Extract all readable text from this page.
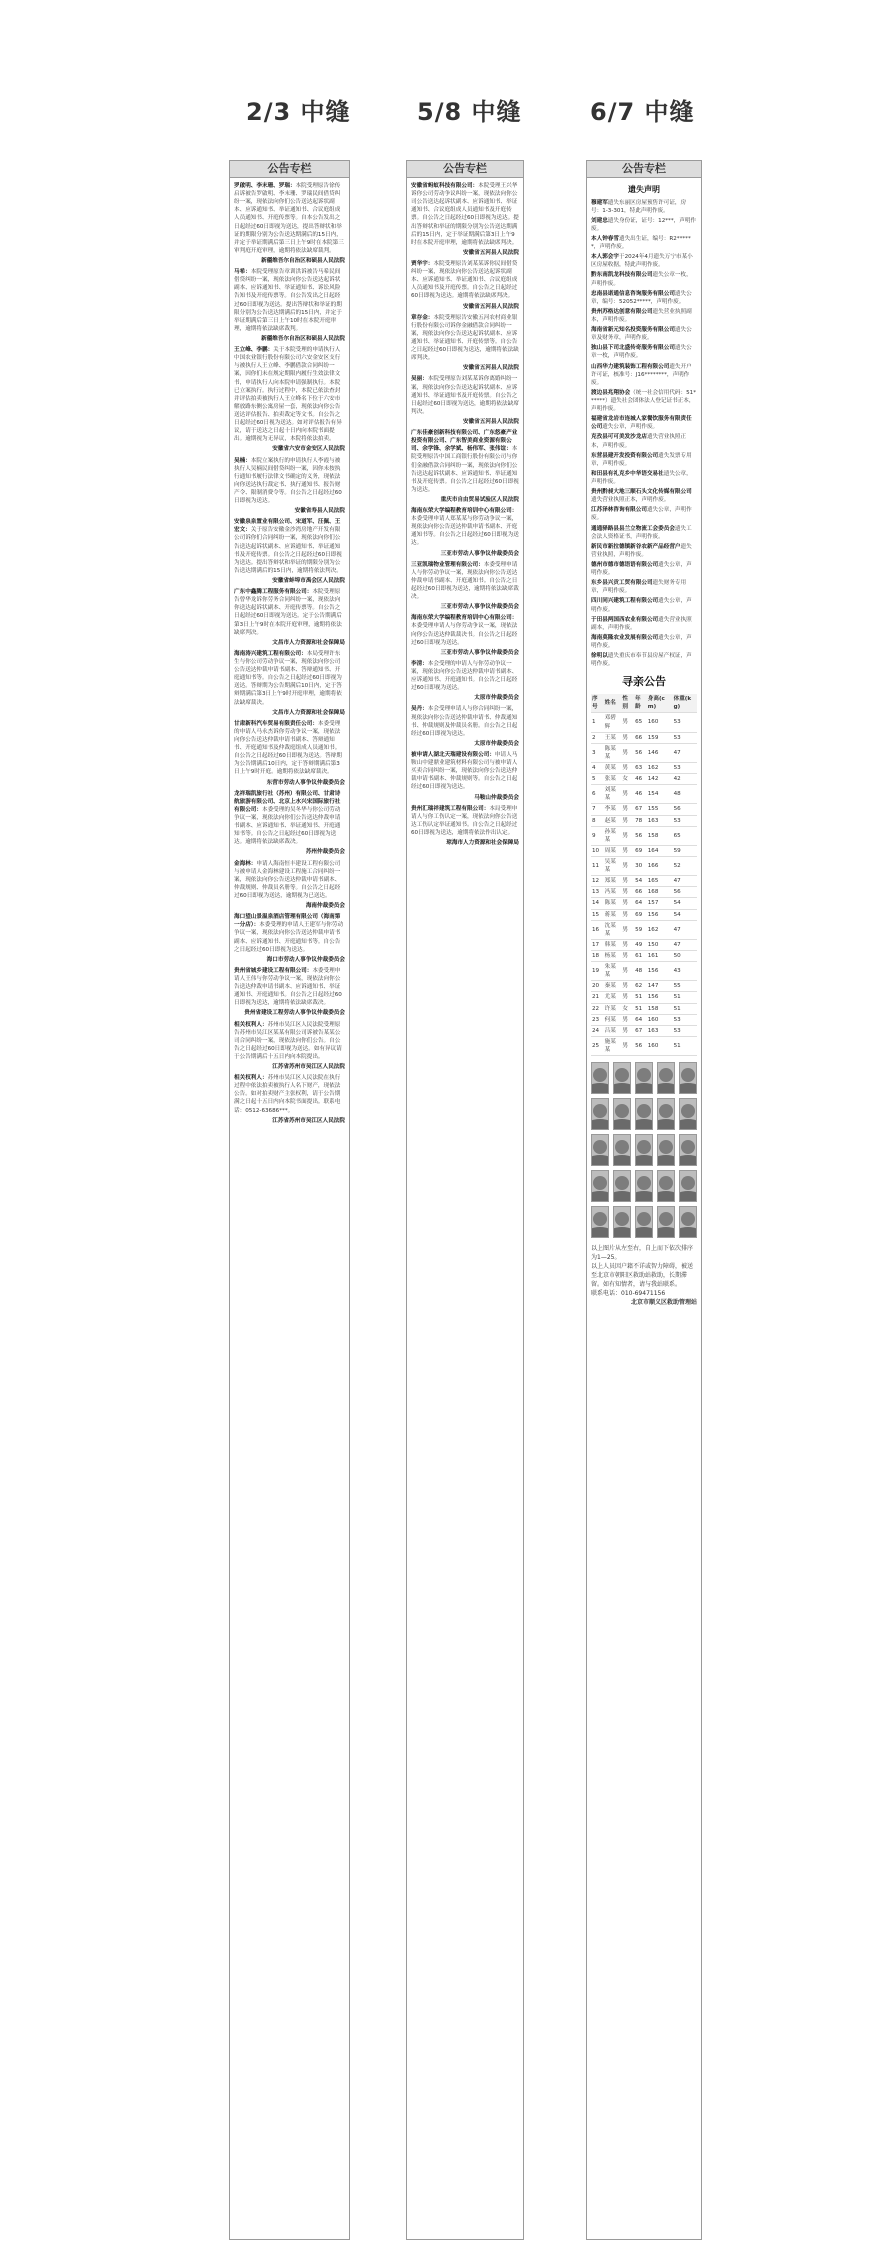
2/3 中缝	5/8 中缝	6/7 中缝
公告专栏
罗啟明、李末珊、罗瑞：本院受理原告徐传启诉被告罗啟明、李末珊、罗瑞民间借贷纠纷一案，现依法向你们公告送达起诉状副本、应诉通知书、举证通知书、合议庭组成人员通知书、开庭传票等。自本公告发出之日起经过60日即视为送达，提出答辩状和举证的期限分别为公告送达期满后的15日内，并定于举证期满后第三日上午9时在本院第三审判庭开庭审理，逾期将依法缺席裁判。
新疆维吾尔自治区和硕县人民法院
马希：本院受理原告章训洪诉被告马希民间借贷纠纷一案，现依法向你公告送达起诉状副本、应诉通知书、举证通知书、诉讼风险告知书及开庭传票等。自公告发出之日起经过60日即视为送达。提出答辩状和举证的期限分别为公告送达期满后的15日内，并定于举证期满后第三日上午10时在本院开庭审理，逾期将依法缺席裁判。
新疆维吾尔自治区和硕县人民法院
王立峰、李鹏：关于本院受理的申请执行人中国农业银行股份有限公司六安金安区支行与被执行人王立峰、李鹏借款合同纠纷一案，因你们未在规定期限内履行生效法律文书，申请执行人向本院申请强制执行。本院已立案执行。执行过程中，本院已依法查封并评估拍卖被执行人王立峰名下位于六安市解放路东侧公寓房屋一套，现依法向你公告送达评估报告、拍卖裁定等文书。自公告之日起经过60日视为送达。如对评估报告有异议，请于送达之日起十日内向本院书面提出。逾期视为无异议，本院将依法拍卖。
安徽省六安市金安区人民法院
吴楠：本院立案执行的申请执行人李霞与被执行人吴楠民间借贷纠纷一案，因你未按执行通知书履行法律文书确定的义务，现依法向你送达执行裁定书、执行通知书、报告财产令、限制消费令等。自公告之日起经过60日即视为送达。
安徽省寿县人民法院
安徽泉泉置业有限公司、宋道军、汪佩、王宏文：关于原告安徽金沙湾房地产开发有限公司诉你们合同纠纷一案，现依法向你们公告送达起诉状副本、应诉通知书、举证通知书及开庭传票。自公告之日起经过60日即视为送达。提出答辩状和举证的期限分别为公告送达期满后的15日内，逾期将依法判决。
安徽省蚌埠市禹会区人民法院
广东中鑫腾工程服务有限公司：本院受理原告曾华龙诉你劳务合同纠纷一案，现依法向你送达起诉状副本、开庭传票等。自公告之日起经过60日即视为送达。定于公告期满后第3日上午9时在本院开庭审理，逾期将依法缺席判决。
文昌市人力资源和社会保障局
海南涛兴建筑工程有限公司：本局受理许东生与你公司劳动争议一案，现依法向你公司公告送达仲裁申请书副本、答辩通知书、开庭通知书等。自公告之日起经过60日即视为送达。答辩期为公告期满后10日内，定于答辩期满后第3日上午9时开庭审理，逾期将依法缺席裁决。
文昌市人力资源和社会保障局
甘肃新科汽车贸易有限责任公司：本委受理的申请人马永杰诉你劳动争议一案，现依法向你公告送达仲裁申请书副本、答辩通知书、开庭通知书及仲裁庭组成人员通知书。自公告之日起经过60日即视为送达。答辩期为公告期满后10日内，定于答辩期满后第3日上午9时开庭。逾期将依法缺席裁决。
东营市劳动人事争议仲裁委员会
龙祥瑞凯旅行社（苏州）有限公司、甘肃诗航旅游有限公司、北京上水兴宋国际旅行社有限公司：本委受理的吴冬华与你公司劳动争议一案，现依法向你们公告送达仲裁申请书副本、应诉通知书、举证通知书、开庭通知书等。自公告之日起经过60日即视为送达。逾期将依法缺席裁决。
苏州仲裁委员会
金海林：申请人海南恒丰建设工程有限公司与被申请人金海林建设工程施工合同纠纷一案，现依法向你公告送达仲裁申请书副本、仲裁规则、仲裁员名册等。自公告之日起经过60日即视为送达，逾期视为已送达。
海南仲裁委员会
海口望山景温泉酒店管理有限公司（海南第一分店）：本委受理的申请人王建军与你劳动争议一案，现依法向你公告送达仲裁申请书副本、应诉通知书、开庭通知书等。自公告之日起经过60日即视为送达。
海口市劳动人事争议仲裁委员会
贵州省城乡建设工程有限公司：本委受理申请人王伟与你劳动争议一案，现依法向你公告送达仲裁申请书副本、应诉通知书、举证通知书、开庭通知书。自公告之日起经过60日即视为送达，逾期将依法缺席裁决。
贵州省建设工程劳动人事争议仲裁委员会
相关权利人：苏州市吴江区人民法院受理原告苏州市吴江区某某有限公司诉被告某某公司合同纠纷一案，现依法向你们公告。自公告之日起经过60日即视为送达。如有异议请于公告期满后十五日内向本院提出。
江苏省苏州市吴江区人民法院
相关权利人：苏州市吴江区人民法院在执行过程中依法拍卖被执行人名下财产，现依法公告。如对拍卖财产主张权利，请于公告期满之日起十五日内向本院书面提出。联系电话：0512-63686***。
江苏省苏州市吴江区人民法院
公告专栏
安徽省蚂蚁科技有限公司：本院受理王兴华诉你公司劳动争议纠纷一案，现依法向你公司公告送达起诉状副本、应诉通知书、举证通知书、合议庭组成人员通知书及开庭传票。自公告之日起经过60日即视为送达。提出答辩状和举证的期限分别为公告送达期满后的15日内，定于举证期满后第3日上午9时在本院开庭审理，逾期将依法缺席判决。
安徽省五河县人民法院
贾华宇：本院受理原告刘某某诉你民间借贷纠纷一案，现依法向你公告送达起诉状副本、应诉通知书、举证通知书、合议庭组成人员通知书及开庭传票。自公告之日起经过60日即视为送达。逾期将依法缺席判决。
安徽省五河县人民法院
章存金：本院受理原告安徽五河农村商业银行股份有限公司诉你金融借款合同纠纷一案，现依法向你公告送达起诉状副本、应诉通知书、举证通知书、开庭传票等。自公告之日起经过60日即视为送达，逾期将依法缺席判决。
安徽省五河县人民法院
吴丽：本院受理原告刘某某诉你离婚纠纷一案，现依法向你公告送达起诉状副本、应诉通知书、举证通知书及开庭传票。自公告之日起经过60日即视为送达，逾期将依法缺席判决。
安徽省五河县人民法院
广东佳豪创新科技有限公司、广东悠豪产业投资有限公司、广东智美商业资源有限公司、余学锋、余学斌、杨伟军、张伟谊：本院受理原告中国工商银行股份有限公司与你们金融借款合同纠纷一案，现依法向你们公告送达起诉状副本、应诉通知书、举证通知书及开庭传票。自公告之日起经过60日即视为送达。
重庆市自由贸易试验区人民法院
海南东荣大学编程教育培训中心有限公司：本委受理申请人郑某某与你劳动争议一案，现依法向你公告送达仲裁申请书副本、开庭通知书等。自公告之日起经过60日即视为送达。
三亚市劳动人事争议仲裁委员会
三亚凯瑞物业管理有限公司：本委受理申请人与你劳动争议一案，现依法向你公告送达仲裁申请书副本、开庭通知书。自公告之日起经过60日即视为送达，逾期将依法缺席裁决。
三亚市劳动人事争议仲裁委员会
海南东荣大学编程教育培训中心有限公司：本委受理申请人与你劳动争议一案，现依法向你公告送达仲裁裁决书。自公告之日起经过60日即视为送达。
三亚市劳动人事争议仲裁委员会
李清：本会受理的申请人与你劳动争议一案，现依法向你公告送达仲裁申请书副本、应诉通知书、开庭通知书。自公告之日起经过60日即视为送达。
太原市仲裁委员会
吴丹：本会受理申请人与你合同纠纷一案，现依法向你公告送达仲裁申请书、仲裁通知书、仲裁规则及仲裁员名册。自公告之日起经过60日即视为送达。
太原市仲裁委员会
被申请人湖北天瑞建设有限公司：申请人马鞍山中建鼎业建筑材料有限公司与被申请人买卖合同纠纷一案，现依法向你公告送达仲裁申请书副本、仲裁规则等。自公告之日起经过60日即视为送达。
马鞍山仲裁委员会
贵州汇瑞祥建筑工程有限公司：本局受理申请人与你工伤认定一案，现依法向你公告送达工伤认定举证通知书。自公告之日起经过60日即视为送达，逾期将依法作出认定。
琼海市人力资源和社会保障局
公告专栏
遗失声明
穆建军遗失东丽区房屋预售许可证，房号：1-3-301，特此声明作废。
刘建忠遗失身份证，证号：12***，声明作废。
本人钟春雪遗失出生证，编号：R2******，声明作废。
本人郭会宇于2024年4月遗失万宁市某小区房屋收据，特此声明作废。
黔东南凯龙科技有限公司遗失公章一枚，声明作废。
忠南县诺通信息咨询服务有限公司遗失公章，编号：52052*****，声明作废。
贵州苏格达创意有限公司遗失营业执照副本，声明作废。
海南省新元知名投资服务有限公司遗失公章及财务章，声明作废。
独山县下司北盛传奇服务有限公司遗失公章一枚，声明作废。
山西华力建筑装饰工程有限公司遗失开户许可证，核准号：J16********，声明作废。
渡边县兆翔协会（统一社会信用代码：51******）遗失社会团体法人登记证书正本，声明作废。
福建省龙岩市连城人家餐饮服务有限责任公司遗失公章，声明作废。
克孜县可可美发沙龙店遗失营业执照正本，声明作废。
东营县建开发投资有限公司遗失发票专用章，声明作废。
和田县有礼克乡中华语交易社遗失公章，声明作废。
贵州黔昶大地三顺石头文化传媒有限公司遗失营业执照正本，声明作废。
江苏泽林咨询有限公司遗失公章，声明作废。
通通驿路县县兰立物流工会委员会遗失工会法人资格证书，声明作废。
新民市新拉德镇新谷农新产品经营户遗失营业执照，声明作废。
德州市德市德语语有限公司遗失公章，声明作废。
东乡县兴贡工贸有限公司遗失财务专用章，声明作废。
四川同兴建筑工程有限公司遗失公章，声明作废。
于田县两国西农业有限公司遗失营业执照副本，声明作废。
海南莫隆农业发展有限公司遗失公章，声明作废。
徐明以遗失重庆市奉节县房屋产权证，声明作废。
寻亲公告
序号	姓名	性别	年龄	身高(cm)	体重(kg)
1	邓碧辉	男	65	160	53
2	王某	男	66	159	53
3	陈某某	男	56	146	47
4	黄某	男	63	162	53
5	张某	女	46	142	42
6	刘某某	男	46	154	48
7	李某	男	67	155	56
8	赵某	男	78	163	53
9	孙某某	男	56	158	65
10	周某	男	69	164	59
11	吴某某	男	30	166	52
12	郑某	男	54	165	47
13	冯某	男	66	168	56
14	陈某	男	64	157	54
15	蒋某	男	69	156	54
16	沈某某	男	59	162	47
17	韩某	男	49	150	47
18	杨某	男	61	161	50
19	朱某某	男	48	156	43
20	秦某	男	62	147	55
21	尤某	男	51	156	51
22	许某	女	51	158	51
23	何某	男	64	160	53
24	吕某	男	67	163	53
25	施某某	男	56	160	51
以上图片从左至右，自上而下依次排序为1—25。
以上人员因户籍不详或智力障碍，被送至北京市朝阳区救助站救助，长期滞留。如有知情者，请与我站联系。
联系电话：010-69471156
北京市顺义区救助管理站
